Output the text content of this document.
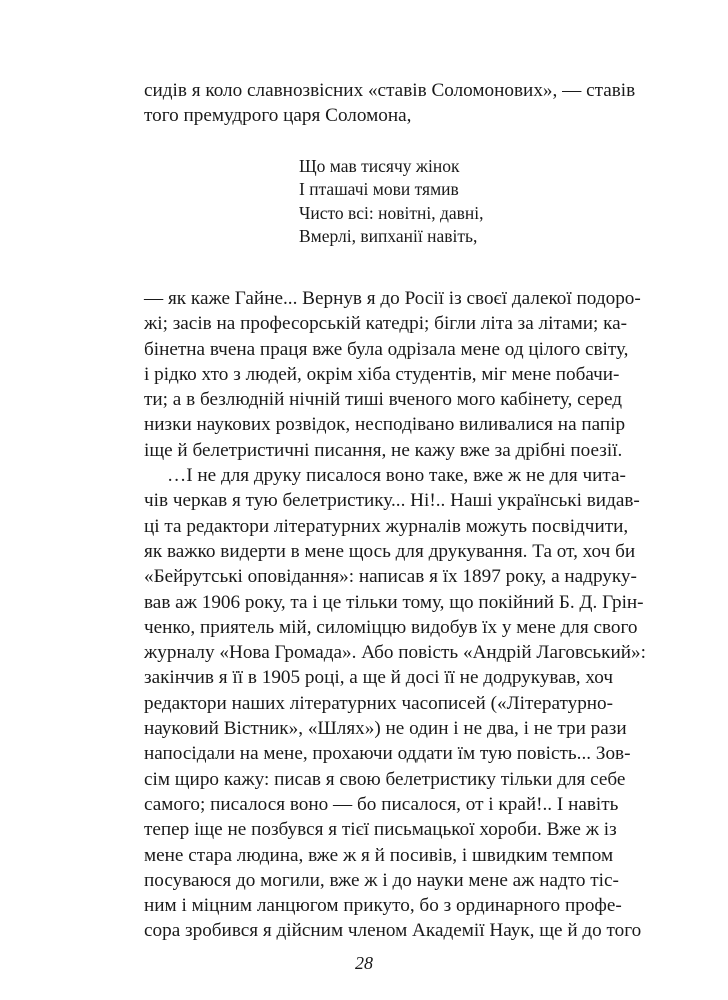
сидів я коло славнозвісних «ставів Соломонових», — ставів
того премудрого царя Соломона,
Що мав тисячу жінок
І пташачі мови тямив
Чисто всі: новітні, давні,
Вмерлі, випханії навіть,
— як каже Гайне... Вернув я до Росії із своєї далекої подоро-
жі; засів на професорській катедрі; бігли літа за літами; ка-
бінетна вчена праця вже була одрізала мене од цілого світу,
і рідко хто з людей, окрім хіба студентів, міг мене побачи-
ти; а в безлюдній нічній тиші вченого мого кабінету, серед
низки наукових розвідок, несподівано виливалися на папір
іще й белетристичні писання, не кажу вже за дрібні поезії.
…І не для друку писалося воно таке, вже ж не для чита-
чів черкав я тую белетристику... Ні!.. Наші українські видав-
ці та редактори літературних журналів можуть посвідчити,
як важко видерти в мене щось для друкування. Та от, хоч би
«Бейрутські оповідання»: написав я їх 1897 року, а надруку-
вав аж 1906 року, та і це тільки тому, що покійний Б. Д. Грін-
ченко, приятель мій, силоміццю видобув їх у мене для свого
журналу «Нова Громада». Або повість «Андрій Лаговський»:
закінчив я її в 1905 році, а ще й досі її не додрукував, хоч
редактори наших літературних часописей («Літературно-
науковий Вістник», «Шлях») не один і не два, і не три рази
напосідали на мене, прохаючи оддати їм тую повість... Зов-
сім щиро кажу: писав я свою белетристику тільки для себе
самого; писалося воно — бо писалося, от і край!.. І навіть
тепер іще не позбувся я тієї письмацької хороби. Вже ж із
мене стара людина, вже ж я й посивів, і швидким темпом
посуваюся до могили, вже ж і до науки мене аж надто тіс-
ним і міцним ланцюгом прикуто, бо з ординарного профе-
сора зробився я дійсним членом Академії Наук, ще й до того
28
